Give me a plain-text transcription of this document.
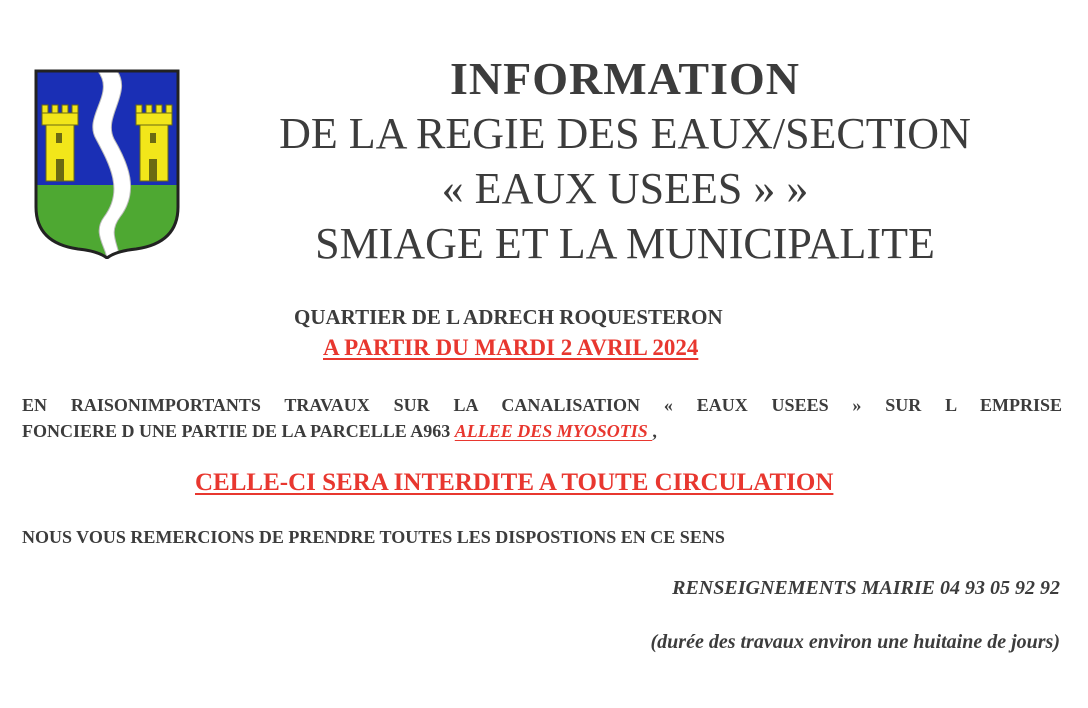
INFORMATION
DE LA REGIE DES EAUX/SECTION
« EAUX USEES » »
SMIAGE ET LA MUNICIPALITE
QUARTIER DE L ADRECH ROQUESTERON
A PARTIR DU MARDI 2 AVRIL 2024
EN RAISONIMPORTANTS TRAVAUX SUR LA CANALISATION « EAUX USEES » SUR L EMPRISE
FONCIERE D UNE PARTIE DE LA PARCELLE A963 ALLEE DES MYOSOTIS ,
CELLE-CI SERA INTERDITE A TOUTE CIRCULATION
NOUS VOUS REMERCIONS DE PRENDRE TOUTES LES DISPOSTIONS EN CE SENS
RENSEIGNEMENTS MAIRIE 04 93 05 92 92
(durée des travaux environ une huitaine de jours)
